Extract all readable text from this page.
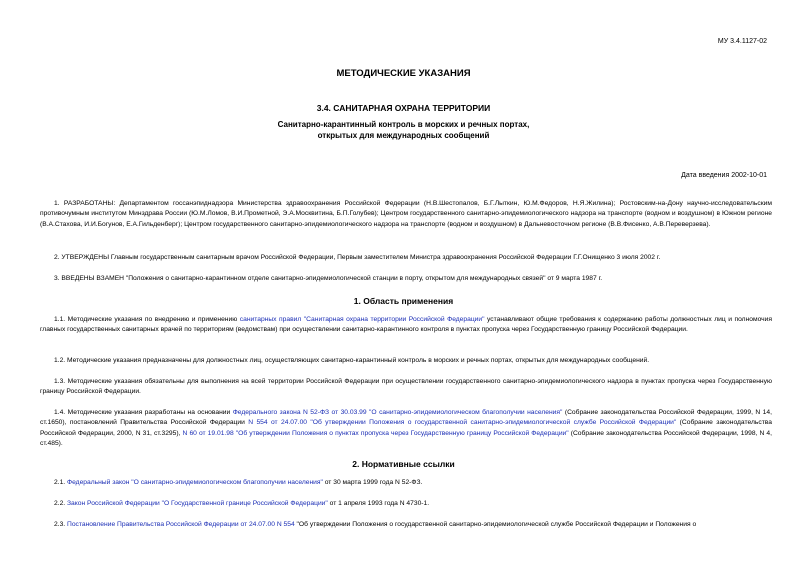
МУ 3.4.1127-02
МЕТОДИЧЕСКИЕ УКАЗАНИЯ
3.4. САНИТАРНАЯ ОХРАНА ТЕРРИТОРИИ
Санитарно-карантинный контроль в морских и речных портах,
открытых для международных сообщений
Дата введения 2002-10-01
1. РАЗРАБОТАНЫ: Департаментом госсанэпиднадзора Министерства здравоохранения Российской Федерации (Н.В.Шестопалов, Б.Г.Лыткин, Ю.М.Федоров, Н.Я.Жилина); Ростовским-на-Дону научно-исследовательским противочумным институтом Минздрава России (Ю.М.Ломов, В.И.Прометной, Э.А.Москвитина, Б.П.Голубев); Центром государственного санитарно-эпидемиологического надзора на транспорте (водном и воздушном) в Южном регионе (В.А.Стахова, И.И.Богунов, Е.А.Гильденберг); Центром государственного санитарно-эпидемиологического надзора на транспорте (водном и воздушном) в Дальневосточном регионе (В.В.Фисенко, А.В.Переверзева).
2. УТВЕРЖДЕНЫ Главным государственным санитарным врачом Российской Федерации, Первым заместителем Министра здравоохранения Российской Федерации Г.Г.Онищенко 3 июля 2002 г.
3. ВВЕДЕНЫ ВЗАМЕН "Положения о санитарно-карантинном отделе санитарно-эпидемиологической станции в порту, открытом для международных связей" от 9 марта 1987 г.
1. Область применения
1.1. Методические указания по внедрению и применению санитарных правил "Санитарная охрана территории Российской Федерации" устанавливают общие требования к содержанию работы должностных лиц и полномочия главных государственных санитарных врачей по территориям (ведомствам) при осуществлении санитарно-карантинного контроля в пунктах пропуска через Государственную границу Российской Федерации.
1.2. Методические указания предназначены для должностных лиц, осуществляющих санитарно-карантинный контроль в морских и речных портах, открытых для международных сообщений.
1.3. Методические указания обязательны для выполнения на всей территории Российской Федерации при осуществлении государственного санитарно-эпидемиологического надзора в пунктах пропуска через Государственную границу Российской Федерации.
1.4. Методические указания разработаны на основании Федерального закона N 52-ФЗ от 30.03.99 "О санитарно-эпидемиологическом благополучии населения" (Собрание законодательства Российской Федерации, 1999, N 14, ст.1650), постановлений Правительства Российской Федерации N 554 от 24.07.00 "Об утверждении Положения о государственной санитарно-эпидемиологической службе Российской Федерации" (Собрание законодательства Российской Федерации, 2000, N 31, ст.3295), N 60 от 19.01.98 "Об утверждении Положения о пунктах пропуска через Государственную границу Российской Федерации" (Собрание законодательства Российской Федерации, 1998, N 4, ст.485).
2. Нормативные ссылки
2.1. Федеральный закон "О санитарно-эпидемиологическом благополучии населения" от 30 марта 1999 года N 52-ФЗ.
2.2. Закон Российской Федерации "О Государственной границе Российской Федерации" от 1 апреля 1993 года N 4730-1.
2.3. Постановление Правительства Российской Федерации от 24.07.00 N 554 "Об утверждении Положения о государственной санитарно-эпидемиологической службе Российской Федерации и Положения о
